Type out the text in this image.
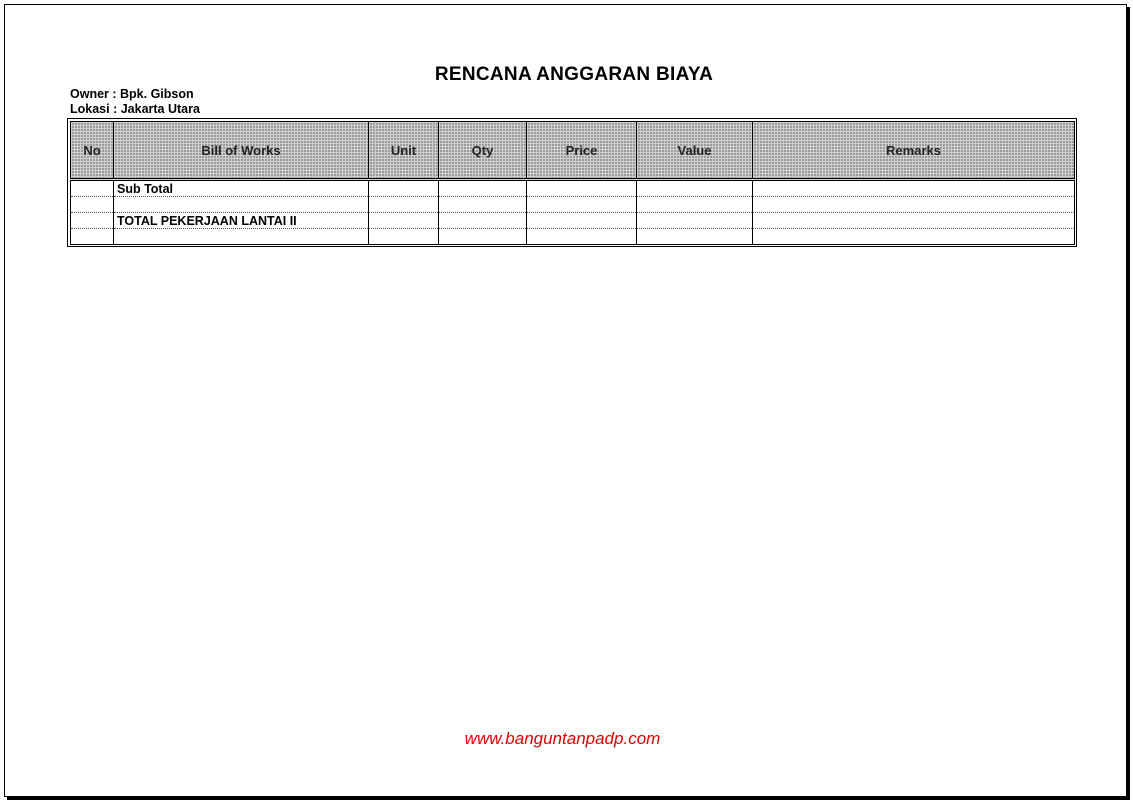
RENCANA ANGGARAN BIAYA
Owner : Bpk. Gibson
Lokasi : Jakarta Utara
No	Bill of Works	Unit	Qty	Price	Value	Remarks
	Sub Total					

	TOTAL PEKERJAAN LANTAI II					

www.banguntanpadp.com
